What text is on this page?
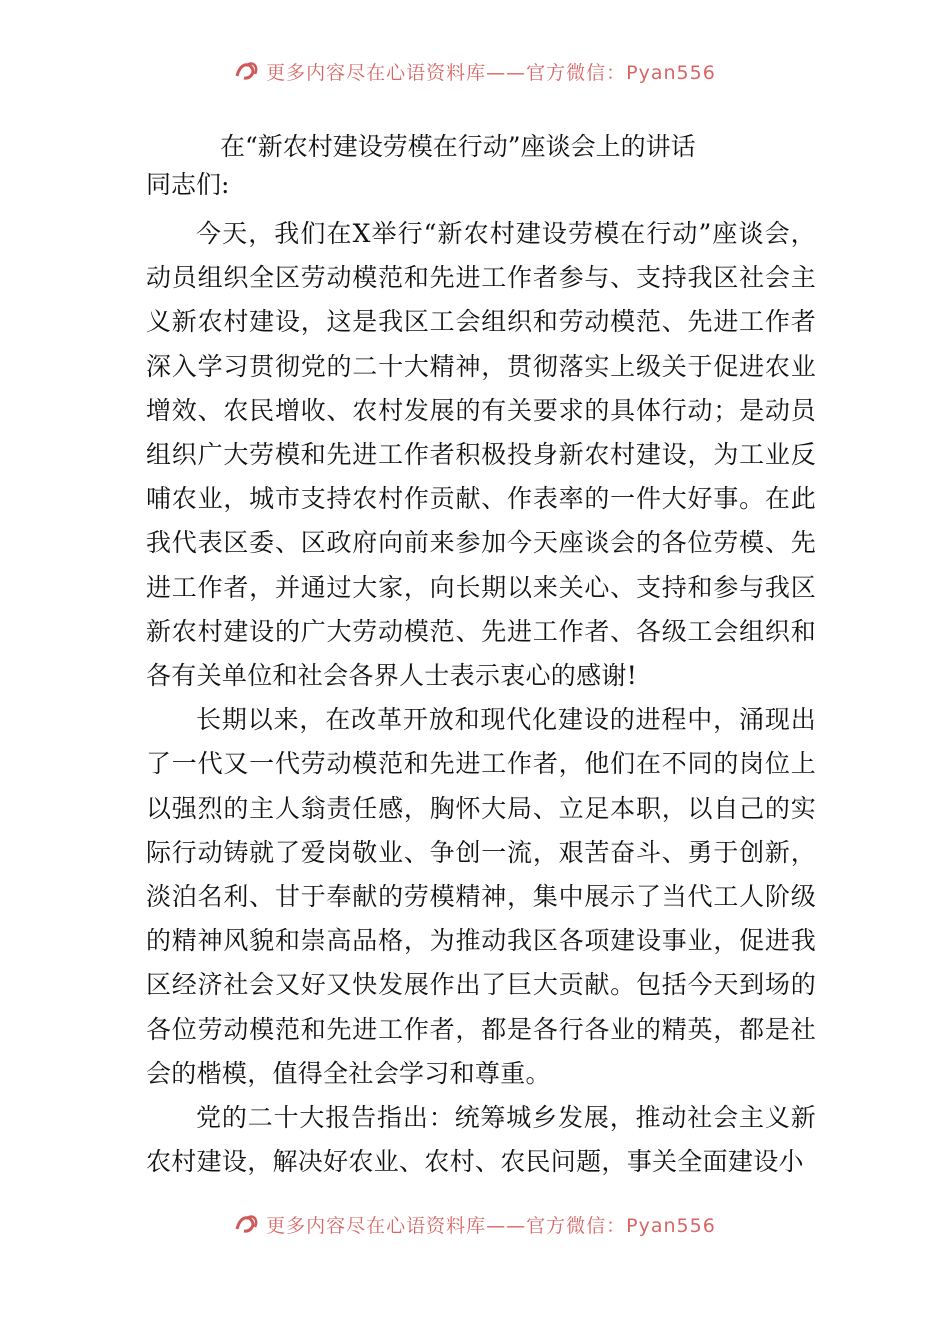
更多内容尽在心语资料库——官方微信：Pyan556
在“新农村建设劳模在行动”座谈会上的讲话
同志们:

今天，我们在X举行“新农村建设劳模在行动”座谈会，动员组织全区劳动模范和先进工作者参与、支持我区社会主义新农村建设，这是我区工会组织和劳动模范、先进工作者深入学习贯彻党的二十大精神，贯彻落实上级关于促进农业增效、农民增收、农村发展的有关要求的具体行动；是动员组织广大劳模和先进工作者积极投身新农村建设，为工业反哺农业，城市支持农村作贡献、作表率的一件大好事。在此我代表区委、区政府向前来参加今天座谈会的各位劳模、先进工作者，并通过大家，向长期以来关心、支持和参与我区新农村建设的广大劳动模范、先进工作者、各级工会组织和各有关单位和社会各界人士表示衷心的感谢!

长期以来，在改革开放和现代化建设的进程中，涌现出了一代又一代劳动模范和先进工作者，他们在不同的岗位上以强烈的主人翁责任感，胸怀大局、立足本职，以自己的实际行动铸就了爱岗敬业、争创一流，艰苦奋斗、勇于创新，淡泊名利、甘于奉献的劳模精神，集中展示了当代工人阶级的精神风貌和崇高品格，为推动我区各项建设事业，促进我区经济社会又好又快发展作出了巨大贡献。包括今天到场的各位劳动模范和先进工作者，都是各行各业的精英，都是社会的楷模，值得全社会学习和尊重。

党的二十大报告指出：统筹城乡发展，推动社会主义新农村建设，解决好农业、农村、农民问题，事关全面建设小

更多内容尽在心语资料库——官方微信：Pyan556
